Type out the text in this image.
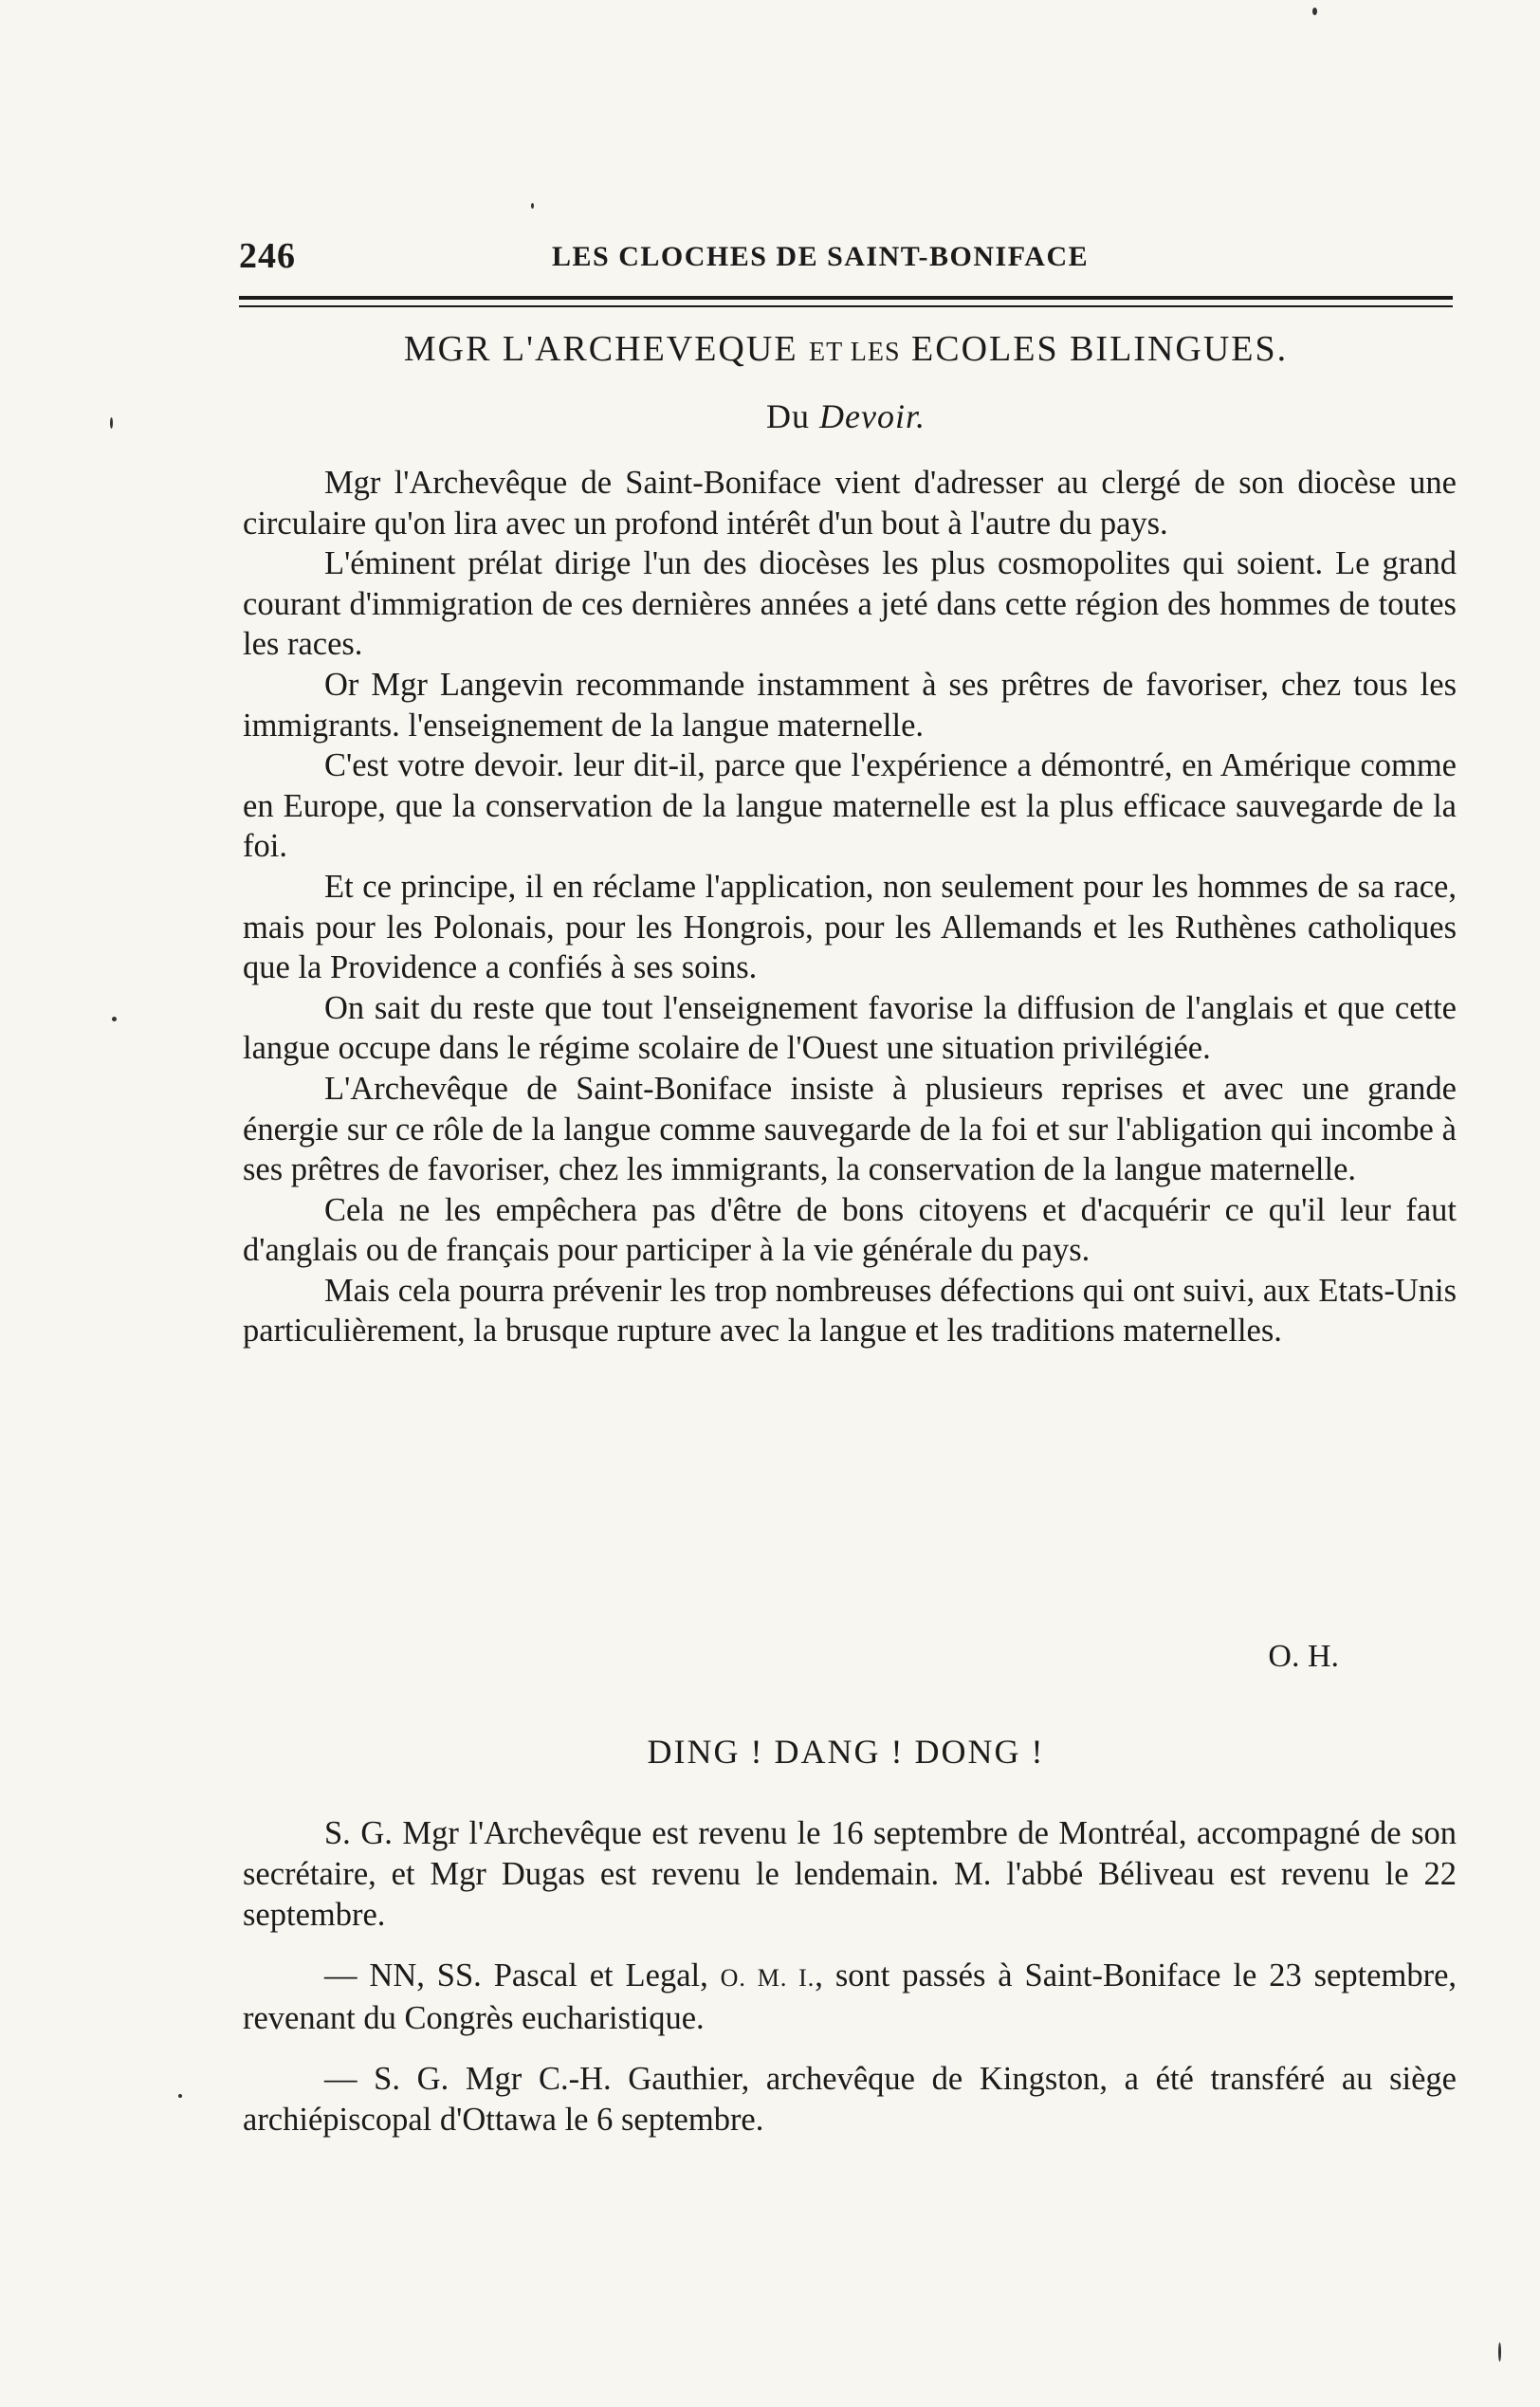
246	LES CLOCHES DE SAINT-BONIFACE
MGR L'ARCHEVEQUE ET LES ECOLES BILINGUES.
Du Devoir.

Mgr l'Archevêque de Saint-Boniface vient d'adresser au clergé de son diocèse une circulaire qu'on lira avec un profond intérêt d'un bout à l'autre du pays.

L'éminent prélat dirige l'un des diocèses les plus cosmopolites qui soient. Le grand courant d'immigration de ces dernières années a jeté dans cette région des hommes de toutes les races.

Or Mgr Langevin recommande instamment à ses prêtres de favoriser, chez tous les immigrants. l'enseignement de la langue maternelle.

C'est votre devoir. leur dit-il, parce que l'expérience a démontré, en Amérique comme en Europe, que la conservation de la langue maternelle est la plus efficace sauvegarde de la foi.

Et ce principe, il en réclame l'application, non seulement pour les hommes de sa race, mais pour les Polonais, pour les Hongrois, pour les Allemands et les Ruthènes catholiques que la Providence a confiés à ses soins.

On sait du reste que tout l'enseignement favorise la diffusion de l'anglais et que cette langue occupe dans le régime scolaire de l'Ouest une situation privilégiée.

L'Archevêque de Saint-Boniface insiste à plusieurs reprises et avec une grande énergie sur ce rôle de la langue comme sauvegarde de la foi et sur l'abligation qui incombe à ses prêtres de favoriser, chez les immigrants, la conservation de la langue maternelle.

Cela ne les empêchera pas d'être de bons citoyens et d'acquérir ce qu'il leur faut d'anglais ou de français pour participer à la vie générale du pays.

Mais cela pourra prévenir les trop nombreuses défections qui ont suivi, aux Etats-Unis particulièrement, la brusque rupture avec la langue et les traditions maternelles.

O. H.
DING ! DANG ! DONG !

S. G. Mgr l'Archevêque est revenu le 16 septembre de Montréal, accompagné de son secrétaire, et Mgr Dugas est revenu le lendemain. M. l'abbé Béliveau est revenu le 22 septembre.

— NN, SS. Pascal et Legal, O. M. I., sont passés à Saint-Boniface le 23 septembre, revenant du Congrès eucharistique.

— S. G. Mgr C.-H. Gauthier, archevêque de Kingston, a été transféré au siège archiépiscopal d'Ottawa le 6 septembre.
